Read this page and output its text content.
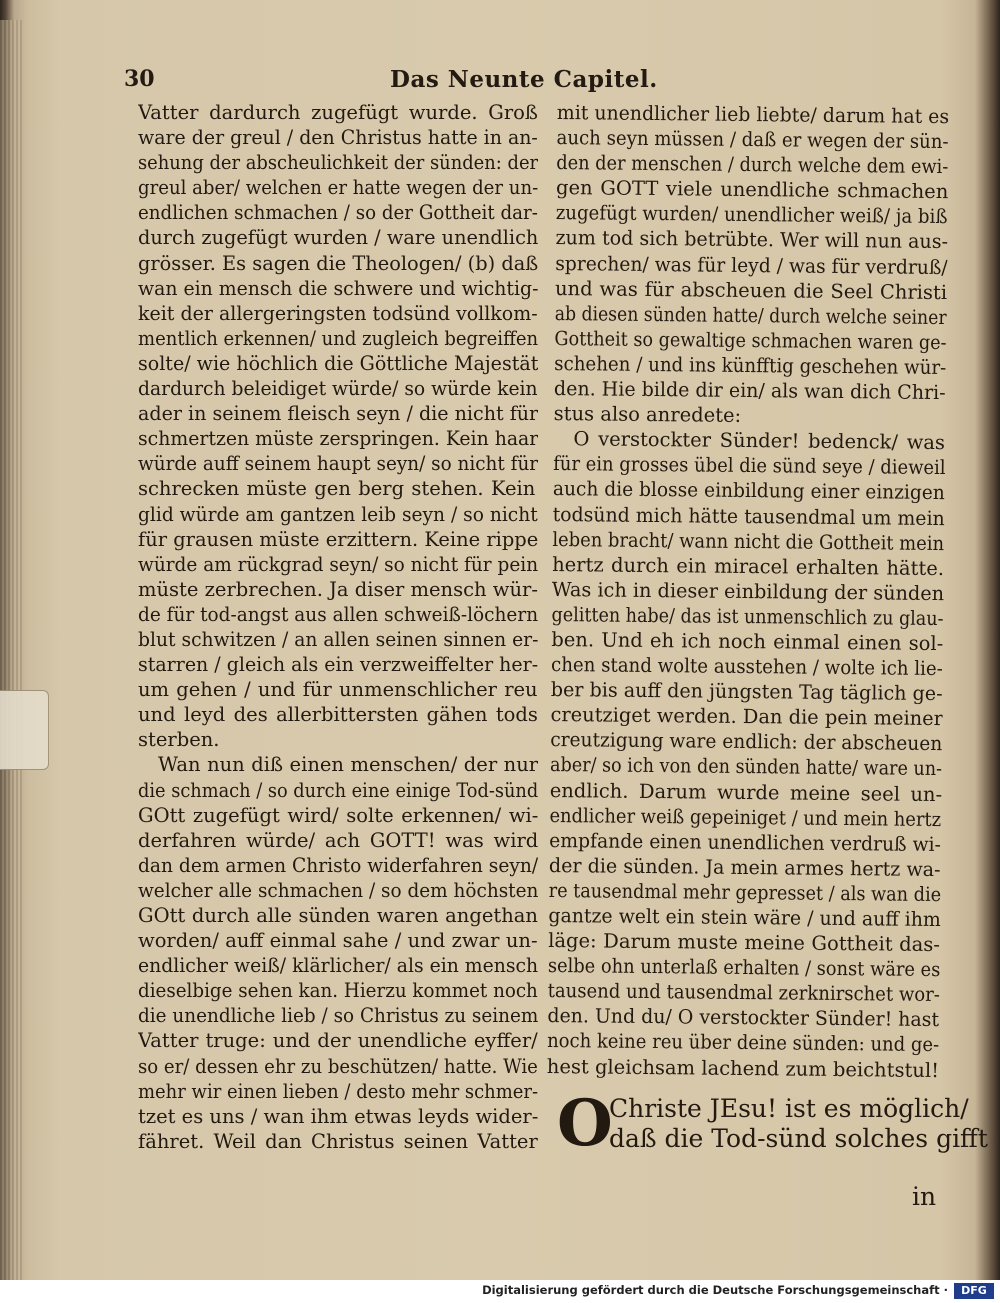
30	Das Neunte Capitel.
Vatter dardurch zugefügt wurde. Groß
ware der greul / den Christus hatte in an-
sehung der abscheulichkeit der sünden: der
greul aber/ welchen er hatte wegen der un-
endlichen schmachen / so der Gottheit dar-
durch zugefügt wurden / ware unendlich
grösser. Es sagen die Theologen/ (b) daß
wan ein mensch die schwere und wichtig-
keit der allergeringsten todsünd vollkom-
mentlich erkennen/ und zugleich begreiffen
solte/ wie höchlich die Göttliche Majestät
dardurch beleidiget würde/ so würde kein
ader in seinem fleisch seyn / die nicht für
schmertzen müste zerspringen. Kein haar
würde auff seinem haupt seyn/ so nicht für
schrecken müste gen berg stehen. Kein
glid würde am gantzen leib seyn / so nicht
für grausen müste erzittern. Keine rippe
würde am rückgrad seyn/ so nicht für pein
müste zerbrechen. Ja diser mensch wür-
de für tod-angst aus allen schweiß-löchern
blut schwitzen / an allen seinen sinnen er-
starren / gleich als ein verzweiffelter her-
um gehen / und für unmenschlicher reu
und leyd des allerbittersten gähen tods
sterben.
Wan nun diß einen menschen/ der nur
die schmach / so durch eine einige Tod-sünd
GOtt zugefügt wird/ solte erkennen/ wi-
derfahren würde/ ach GOTT! was wird
dan dem armen Christo widerfahren seyn/
welcher alle schmachen / so dem höchsten
GOtt durch alle sünden waren angethan
worden/ auff einmal sahe / und zwar un-
endlicher weiß/ klärlicher/ als ein mensch
dieselbige sehen kan. Hierzu kommet noch
die unendliche lieb / so Christus zu seinem
Vatter truge: und der unendliche eyffer/
so er/ dessen ehr zu beschützen/ hatte. Wie
mehr wir einen lieben / desto mehr schmer-
tzet es uns / wan ihm etwas leyds wider-
fähret. Weil dan Christus seinen Vatter
mit unendlicher lieb liebte/ darum hat es
auch seyn müssen / daß er wegen der sün-
den der menschen / durch welche dem ewi-
gen GOTT viele unendliche schmachen
zugefügt wurden/ unendlicher weiß/ ja biß
zum tod sich betrübte. Wer will nun aus-
sprechen/ was für leyd / was für verdruß/
und was für abscheuen die Seel Christi
ab diesen sünden hatte/ durch welche seiner
Gottheit so gewaltige schmachen waren ge-
schehen / und ins künfftig geschehen wür-
den. Hie bilde dir ein/ als wan dich Chri-
stus also anredete:
O verstockter Sünder! bedenck/ was
für ein grosses übel die sünd seye / dieweil
auch die blosse einbildung einer einzigen
todsünd mich hätte tausendmal um mein
leben bracht/ wann nicht die Gottheit mein
hertz durch ein miracel erhalten hätte.
Was ich in dieser einbildung der sünden
gelitten habe/ das ist unmenschlich zu glau-
ben. Und eh ich noch einmal einen sol-
chen stand wolte ausstehen / wolte ich lie-
ber bis auff den jüngsten Tag täglich ge-
creutziget werden. Dan die pein meiner
creutzigung ware endlich: der abscheuen
aber/ so ich von den sünden hatte/ ware un-
endlich. Darum wurde meine seel un-
endlicher weiß gepeiniget / und mein hertz
empfande einen unendlichen verdruß wi-
der die sünden. Ja mein armes hertz wa-
re tausendmal mehr gepresset / als wan die
gantze welt ein stein wäre / und auff ihm
läge: Darum muste meine Gottheit das-
selbe ohn unterlaß erhalten / sonst wäre es
tausend und tausendmal zerknirschet wor-
den. Und du/ O verstockter Sünder! hast
noch keine reu über deine sünden: und ge-
hest gleichsam lachend zum beichtstul!
O
Christe JEsu! ist es möglich/
daß die Tod-sünd solches gifft
in
Digitalisierung gefördert durch die Deutsche Forschungsgemeinschaft ·	DFG
